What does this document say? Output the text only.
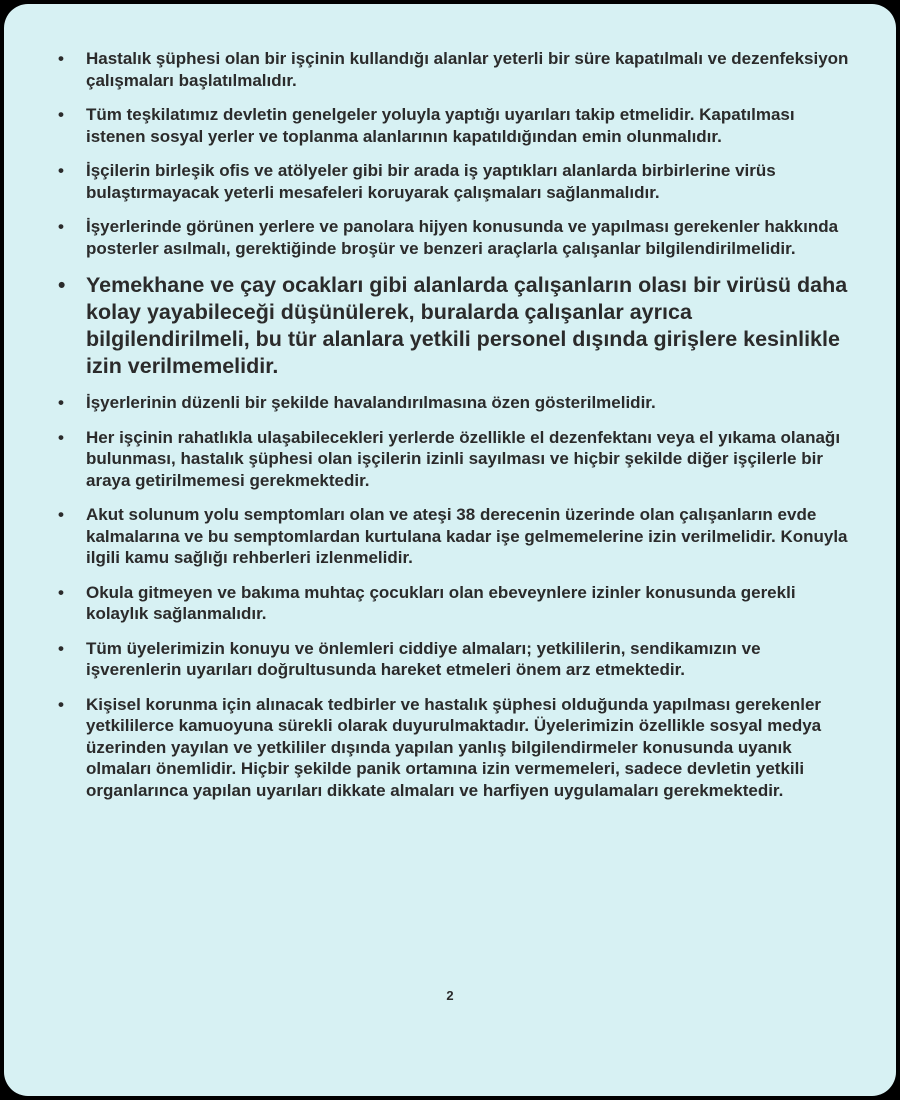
• Hastalık şüphesi olan bir işçinin kullandığı alanlar yeterli bir süre kapatılmalı ve dezenfeksiyon çalışmaları başlatılmalıdır.
• Tüm teşkilatımız devletin genelgeler yoluyla yaptığı uyarıları takip etmelidir. Kapatılması istenen sosyal yerler ve toplanma alanlarının kapatıldığından emin olunmalıdır.
• İşçilerin birleşik ofis ve atölyeler gibi bir arada iş yaptıkları alanlarda birbirlerine virüs bulaştırmayacak yeterli mesafeleri koruyarak çalışmaları sağlanmalıdır.
• İşyerlerinde görünen yerlere ve panolara hijyen konusunda ve yapılması gerekenler hakkında posterler asılmalı, gerektiğinde broşür ve benzeri araçlarla çalışanlar bilgilendirilmelidir.
• Yemekhane ve çay ocakları gibi alanlarda çalışanların olası bir virüsü daha kolay yayabileceği düşünülerek, buralarda çalışanlar ayrıca bilgilendirilmeli, bu tür alanlara yetkili personel dışında girişlere kesinlikle izin verilmemelidir.
• İşyerlerinin düzenli bir şekilde havalandırılmasına özen gösterilmelidir.
• Her işçinin rahatlıkla ulaşabilecekleri yerlerde özellikle el dezenfektanı veya el yıkama olanağı bulunması, hastalık şüphesi olan işçilerin izinli sayılması ve hiçbir şekilde diğer işçilerle bir araya getirilmemesi gerekmektedir.
• Akut solunum yolu semptomları olan ve ateşi 38 derecenin üzerinde olan çalışanların evde kalmalarına ve bu semptomlardan kurtulana kadar işe gelmemelerine izin verilmelidir. Konuyla ilgili kamu sağlığı rehberleri izlenmelidir.
• Okula gitmeyen ve bakıma muhtaç çocukları olan ebeveynlere izinler konusunda gerekli kolaylık sağlanmalıdır.
• Tüm üyelerimizin konuyu ve önlemleri ciddiye almaları; yetkililerin, sendikamızın ve işverenlerin uyarıları doğrultusunda hareket etmeleri önem arz etmektedir.
• Kişisel korunma için alınacak tedbirler ve hastalık şüphesi olduğunda yapılması gerekenler yetkililerce kamuoyuna sürekli olarak duyurulmaktadır. Üyelerimizin özellikle sosyal medya üzerinden yayılan ve yetkililer dışında yapılan yanlış bilgilendirmeler konusunda uyanık olmaları önemlidir. Hiçbir şekilde panik ortamına izin vermemeleri, sadece devletin yetkili organlarınca yapılan uyarıları dikkate almaları ve harfiyen uygulamaları gerekmektedir.
2
